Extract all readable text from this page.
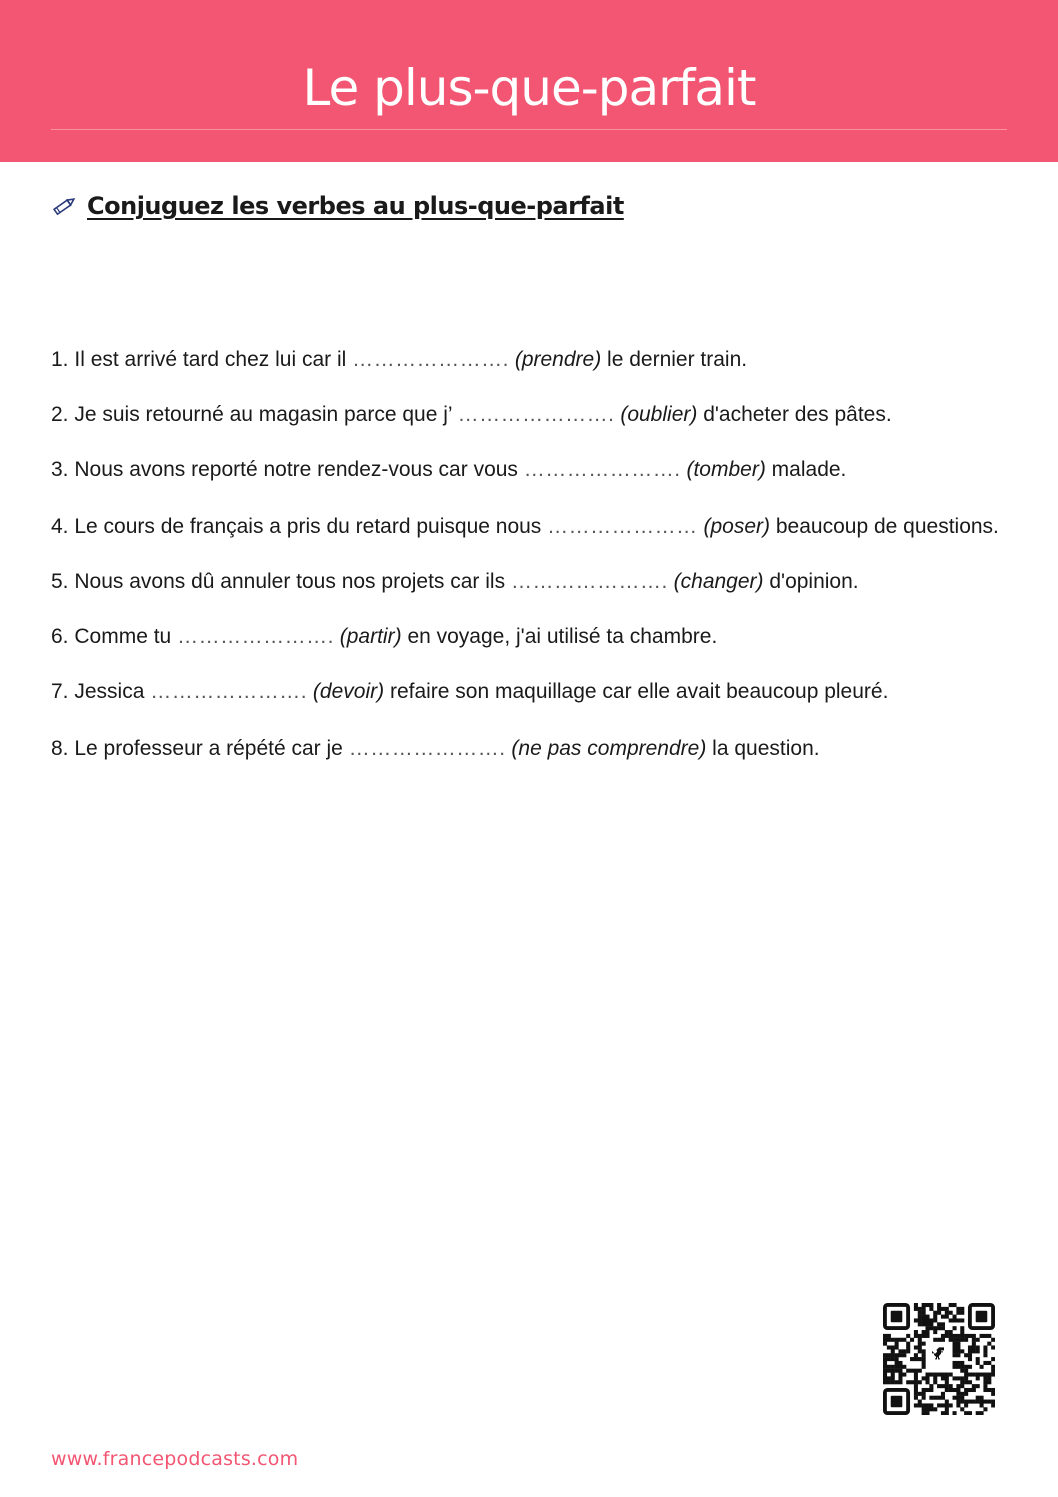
Le plus-que-parfait
Conjuguez les verbes au plus-que-parfait
1. Il est arrivé tard chez lui car il …………………. (prendre) le dernier train.
2. Je suis retourné au magasin parce que j’ …………………. (oublier) d'acheter des pâtes.
3. Nous avons reporté notre rendez-vous car vous …………………. (tomber) malade.
4. Le cours de français a pris du retard puisque nous ………………… (poser) beaucoup de questions.
5. Nous avons dû annuler tous nos projets car ils …………………. (changer) d'opinion.
6. Comme tu …………………. (partir) en voyage, j'ai utilisé ta chambre.
7. Jessica …………………. (devoir) refaire son maquillage car elle avait beaucoup pleuré.
8. Le professeur a répété car je …………………. (ne pas comprendre) la question.
www.francepodcasts.com
